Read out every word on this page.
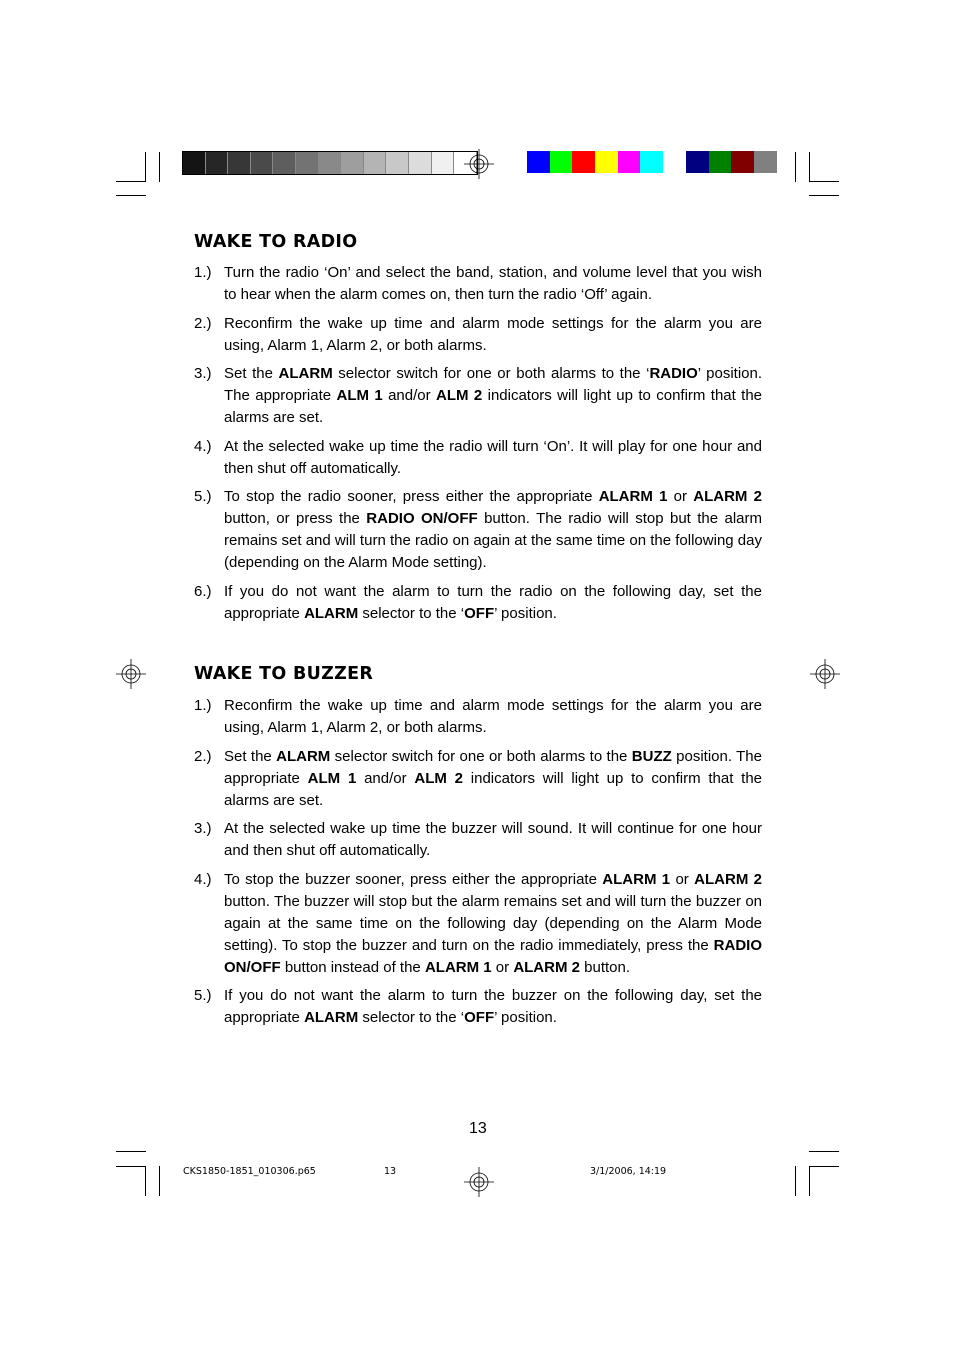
WAKE TO RADIO
1.) Turn the radio ‘On’ and select the band, station, and volume level that you wish to hear when the alarm comes on, then turn the radio ‘Off’ again.
2.) Reconfirm the wake up time and alarm mode settings for the alarm you are using, Alarm 1, Alarm 2, or both alarms.
3.) Set the ALARM selector switch for one or both alarms to the ‘RADIO’ position. The appropriate ALM 1 and/or ALM 2 indicators will light up to confirm that the alarms are set.
4.) At the selected wake up time the radio will turn ‘On’. It will play for one hour and then shut off automatically.
5.) To stop the radio sooner, press either the appropriate ALARM 1 or ALARM 2 button, or press the RADIO ON/OFF button. The radio will stop but the alarm remains set and will turn the radio on again at the same time on the following day (depending on the Alarm Mode setting).
6.) If you do not want the alarm to turn the radio on the following day, set the appropriate ALARM selector to the ‘OFF’ position.
WAKE TO BUZZER
1.) Reconfirm the wake up time and alarm mode settings for the alarm you are using, Alarm 1, Alarm 2, or both alarms.
2.) Set the ALARM selector switch for one or both alarms to the BUZZ position. The appropriate ALM 1 and/or ALM 2 indicators will light up to confirm that the alarms are set.
3.) At the selected wake up time the buzzer will sound. It will continue for one hour and then shut off automatically.
4.) To stop the buzzer sooner, press either the appropriate ALARM 1 or ALARM 2 button. The buzzer will stop but the alarm remains set and will turn the buzzer on again at the same time on the following day (depending on the Alarm Mode setting). To stop the buzzer and turn on the radio immediately, press the RADIO ON/OFF button instead of the ALARM 1 or ALARM 2 button.
5.) If you do not want the alarm to turn the buzzer on the following day, set the appropriate ALARM selector to the ‘OFF’ position.
13
CKS1850-1851_010306.p65	13	3/1/2006, 14:19
